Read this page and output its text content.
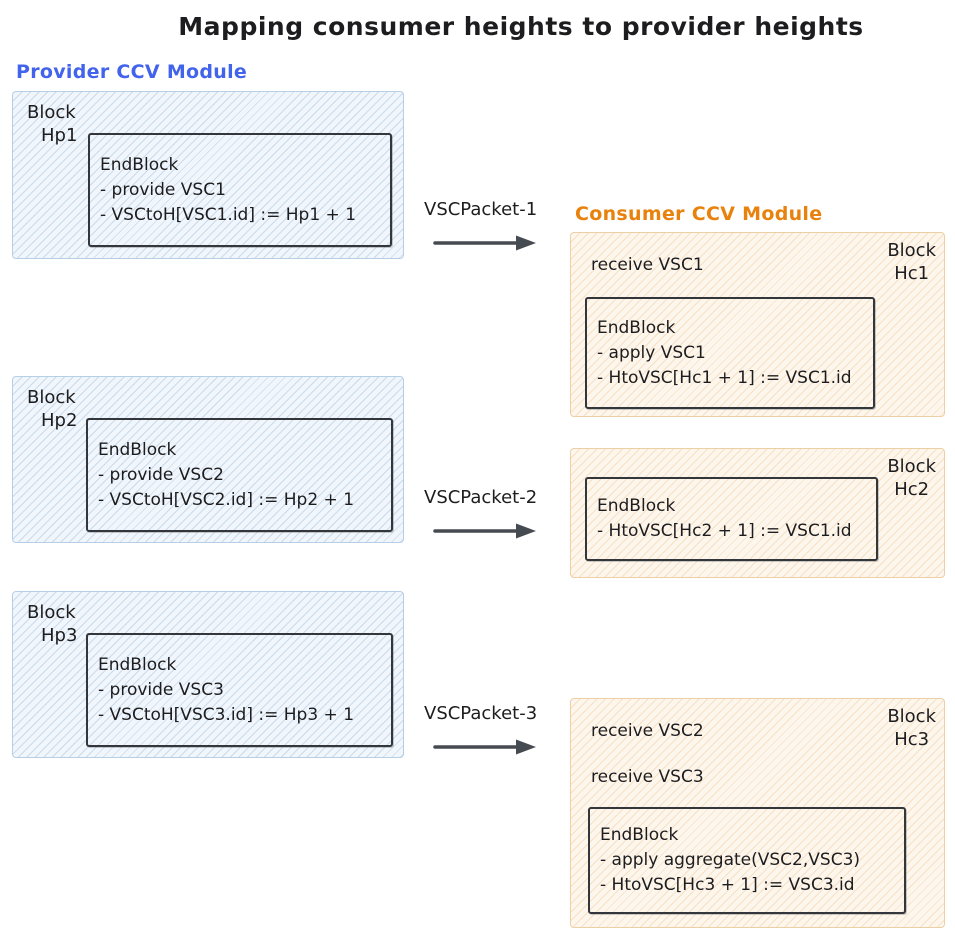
Mapping consumer heights to provider heights
Provider CCV Module
Consumer CCV Module
Block
Hp1
EndBlock
- provide VSC1
- VSCtoH[VSC1.id] := Hp1 + 1
Block
Hp2
EndBlock
- provide VSC2
- VSCtoH[VSC2.id] := Hp2 + 1
Block
Hp3
EndBlock
- provide VSC3
- VSCtoH[VSC3.id] := Hp3 + 1
VSCPacket-1
VSCPacket-2
VSCPacket-3
receive VSC1
Block
Hc1
EndBlock
- apply VSC1
- HtoVSC[Hc1 + 1] := VSC1.id
Block
Hc2
EndBlock
- HtoVSC[Hc2 + 1] := VSC1.id
receive VSC2
receive VSC3
Block
Hc3
EndBlock
- apply aggregate(VSC2,VSC3)
- HtoVSC[Hc3 + 1] := VSC3.id
